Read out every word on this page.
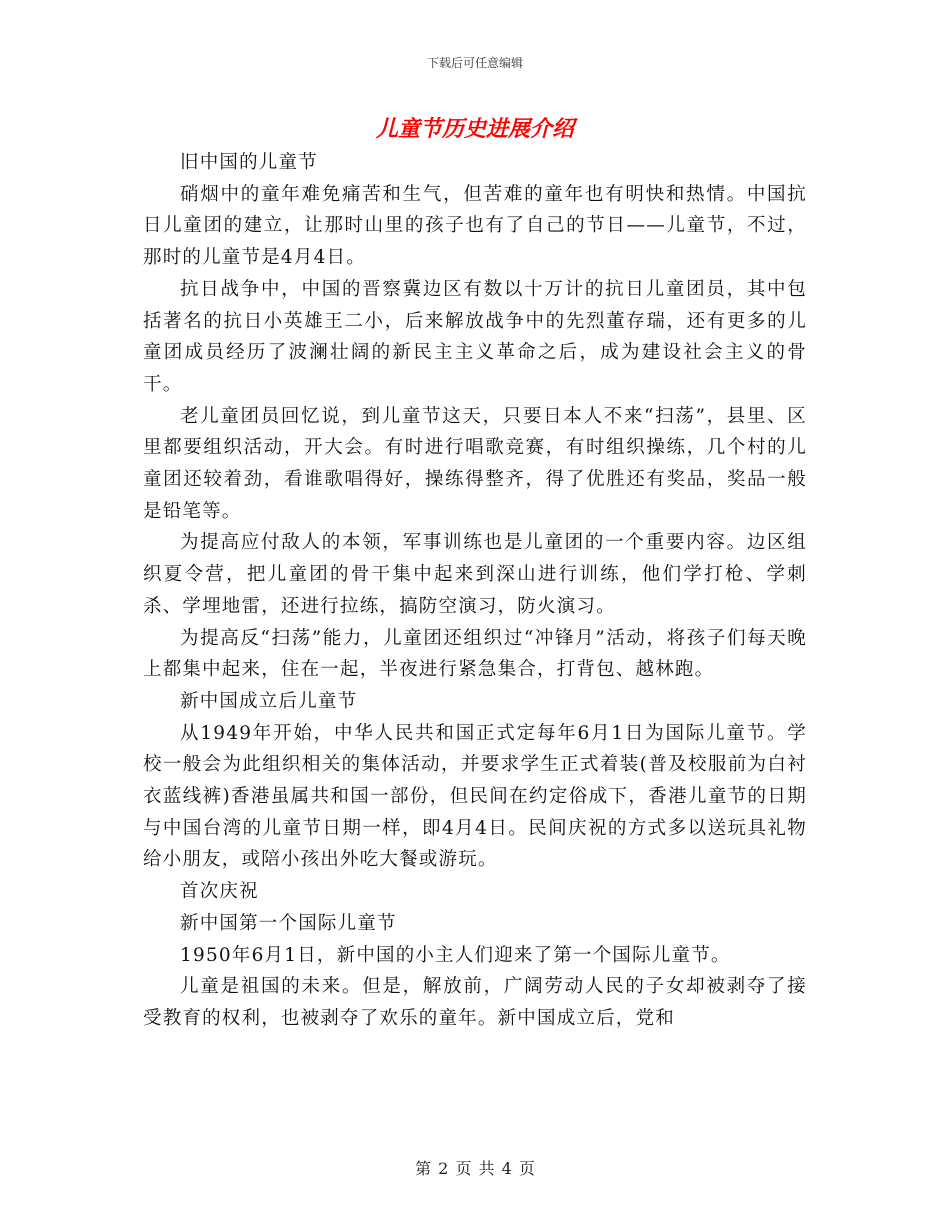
下载后可任意编辑
儿童节历史进展介绍

旧中国的儿童节

硝烟中的童年难免痛苦和生气，但苦难的童年也有明快和热情。中国抗日儿童团的建立，让那时山里的孩子也有了自己的节日——儿童节，不过，那时的儿童节是4月4日。

抗日战争中，中国的晋察冀边区有数以十万计的抗日儿童团员，其中包括著名的抗日小英雄王二小，后来解放战争中的先烈董存瑞，还有更多的儿童团成员经历了波澜壮阔的新民主主义革命之后，成为建设社会主义的骨干。

老儿童团员回忆说，到儿童节这天，只要日本人不来“扫荡”，县里、区里都要组织活动，开大会。有时进行唱歌竞赛，有时组织操练，几个村的儿童团还较着劲，看谁歌唱得好，操练得整齐，得了优胜还有奖品，奖品一般是铅笔等。

为提高应付敌人的本领，军事训练也是儿童团的一个重要内容。边区组织夏令营，把儿童团的骨干集中起来到深山进行训练，他们学打枪、学刺杀、学埋地雷，还进行拉练，搞防空演习，防火演习。

为提高反“扫荡”能力，儿童团还组织过“冲锋月”活动，将孩子们每天晚上都集中起来，住在一起，半夜进行紧急集合，打背包、越林跑。

新中国成立后儿童节

从1949年开始，中华人民共和国正式定每年6月1日为国际儿童节。学校一般会为此组织相关的集体活动，并要求学生正式着装(普及校服前为白衬衣蓝线裤)香港虽属共和国一部份，但民间在约定俗成下，香港儿童节的日期与中国台湾的儿童节日期一样，即4月4日。民间庆祝的方式多以送玩具礼物给小朋友，或陪小孩出外吃大餐或游玩。

首次庆祝

新中国第一个国际儿童节

1950年6月1日，新中国的小主人们迎来了第一个国际儿童节。

儿童是祖国的未来。但是，解放前，广阔劳动人民的子女却被剥夺了接受教育的权利，也被剥夺了欢乐的童年。新中国成立后，党和

第 2 页 共 4 页
